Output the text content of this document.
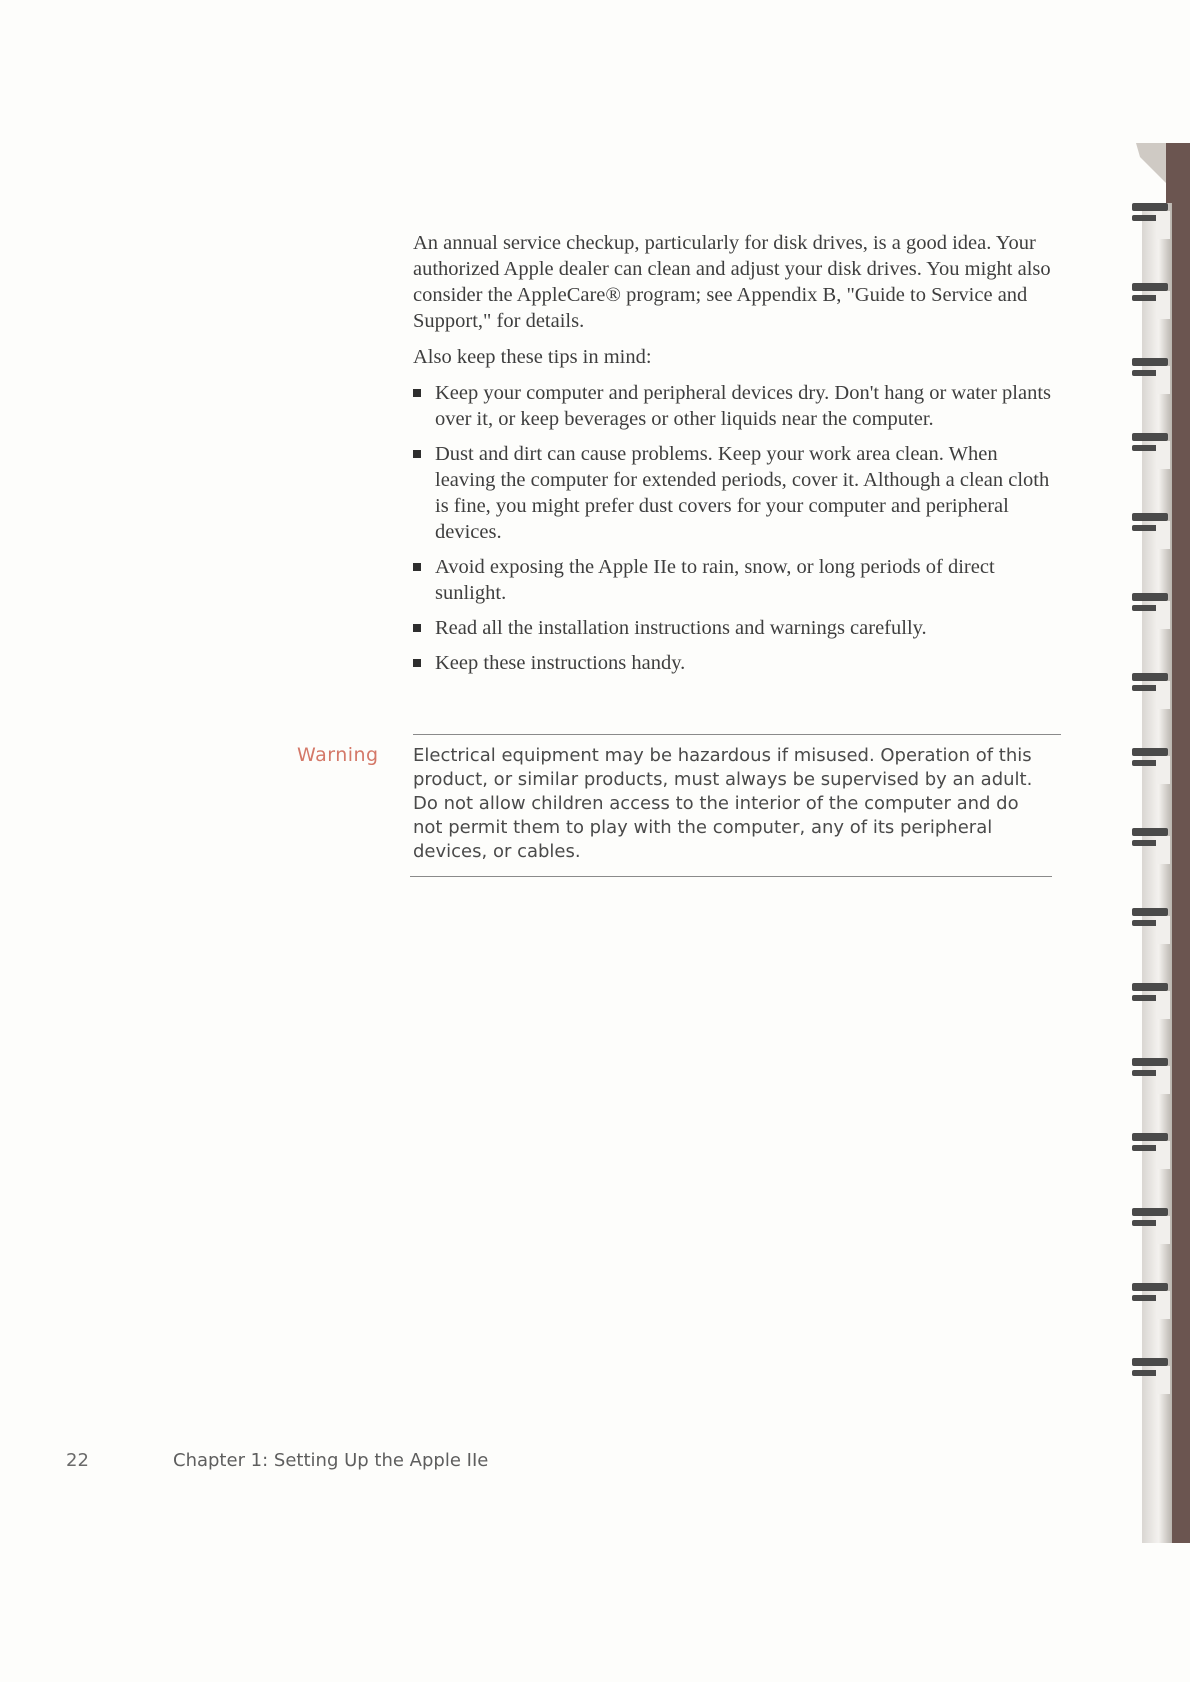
An annual service checkup, particularly for disk drives, is a good idea. Your authorized Apple dealer can clean and adjust your disk drives. You might also consider the AppleCare® program; see Appendix B, "Guide to Service and Support," for details.

Also keep these tips in mind:

Keep your computer and peripheral devices dry. Don't hang or water plants over it, or keep beverages or other liquids near the computer.
Dust and dirt can cause problems. Keep your work area clean. When leaving the computer for extended periods, cover it. Although a clean cloth is fine, you might prefer dust covers for your computer and peripheral devices.
Avoid exposing the Apple IIe to rain, snow, or long periods of direct sunlight.
Read all the installation instructions and warnings carefully.
Keep these instructions handy.
Warning Electrical equipment may be hazardous if misused. Operation of this product, or similar products, must always be supervised by an adult. Do not allow children access to the interior of the computer and do not permit them to play with the computer, any of its peripheral devices, or cables.
22	Chapter 1: Setting Up the Apple IIe
